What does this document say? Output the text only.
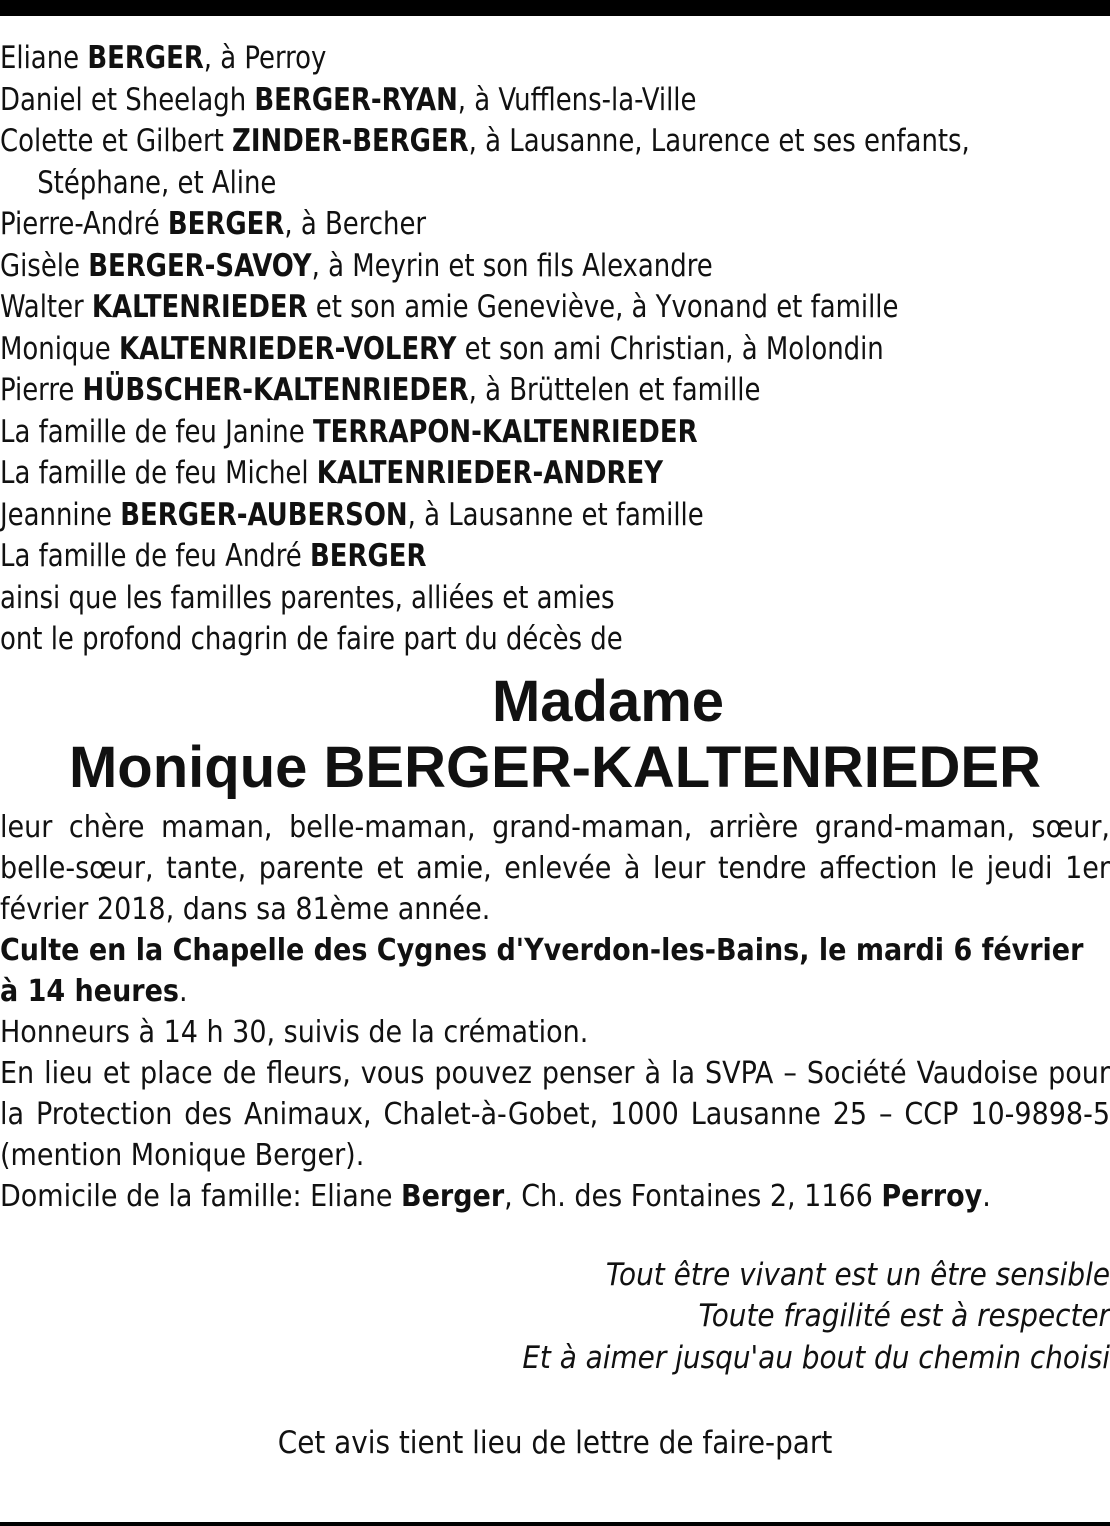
Eliane BERGER, à Perroy
Daniel et Sheelagh BERGER-RYAN, à Vufflens-la-Ville
Colette et Gilbert ZINDER-BERGER, à Lausanne, Laurence et ses enfants,
Stéphane, et Aline
Pierre-André BERGER, à Bercher
Gisèle BERGER-SAVOY, à Meyrin et son fils Alexandre
Walter KALTENRIEDER et son amie Geneviève, à Yvonand et famille
Monique KALTENRIEDER-VOLERY et son ami Christian, à Molondin
Pierre HÜBSCHER-KALTENRIEDER, à Brüttelen et famille
La famille de feu Janine TERRAPON-KALTENRIEDER
La famille de feu Michel KALTENRIEDER-ANDREY
Jeannine BERGER-AUBERSON, à Lausanne et famille
La famille de feu André BERGER
ainsi que les familles parentes, alliées et amies
ont le profond chagrin de faire part du décès de
Madame
Monique BERGER-KALTENRIEDER
leur chère maman, belle-maman, grand-maman, arrière grand-maman, sœur, belle-sœur, tante, parente et amie, enlevée à leur tendre affection le jeudi 1er février 2018, dans sa 81ème année.
Culte en la Chapelle des Cygnes d'Yverdon-les-Bains, le mardi 6 février à 14 heures.
Honneurs à 14 h 30, suivis de la crémation.
En lieu et place de fleurs, vous pouvez penser à la SVPA – Société Vaudoise pour la Protection des Animaux, Chalet-à-Gobet, 1000 Lausanne 25 – CCP 10-9898-5 (mention Monique Berger).
Domicile de la famille: Eliane Berger, Ch. des Fontaines 2, 1166 Perroy.
Tout être vivant est un être sensible
Toute fragilité est à respecter
Et à aimer jusqu'au bout du chemin choisi
Cet avis tient lieu de lettre de faire-part
